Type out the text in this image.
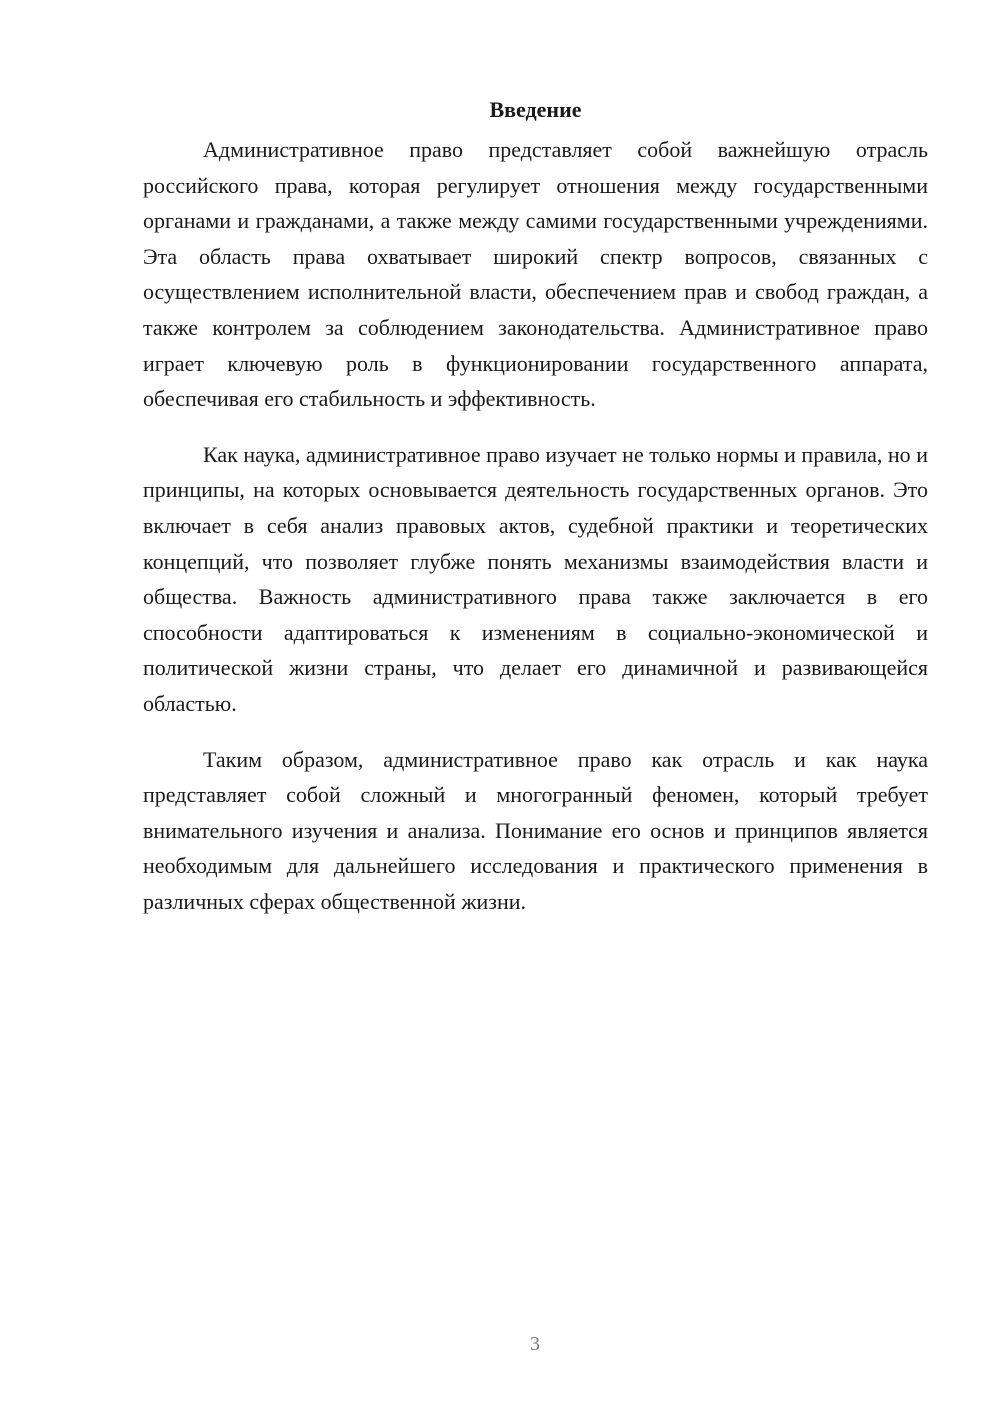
Введение

Административное право представляет собой важнейшую отрасль российского права, которая регулирует отношения между государственными органами и гражданами, а также между самими государственными учреждениями. Эта область права охватывает широкий спектр вопросов, связанных с осуществлением исполнительной власти, обеспечением прав и свобод граждан, а также контролем за соблюдением законодательства. Административное право играет ключевую роль в функционировании государственного аппарата, обеспечивая его стабильность и эффективность.

Как наука, административное право изучает не только нормы и правила, но и принципы, на которых основывается деятельность государственных органов. Это включает в себя анализ правовых актов, судебной практики и теоретических концепций, что позволяет глубже понять механизмы взаимодействия власти и общества. Важность административного права также заключается в его способности адаптироваться к изменениям в социально-экономической и политической жизни страны, что делает его динамичной и развивающейся областью.

Таким образом, административное право как отрасль и как наука представляет собой сложный и многогранный феномен, который требует внимательного изучения и анализа. Понимание его основ и принципов является необходимым для дальнейшего исследования и практического применения в различных сферах общественной жизни.

3
